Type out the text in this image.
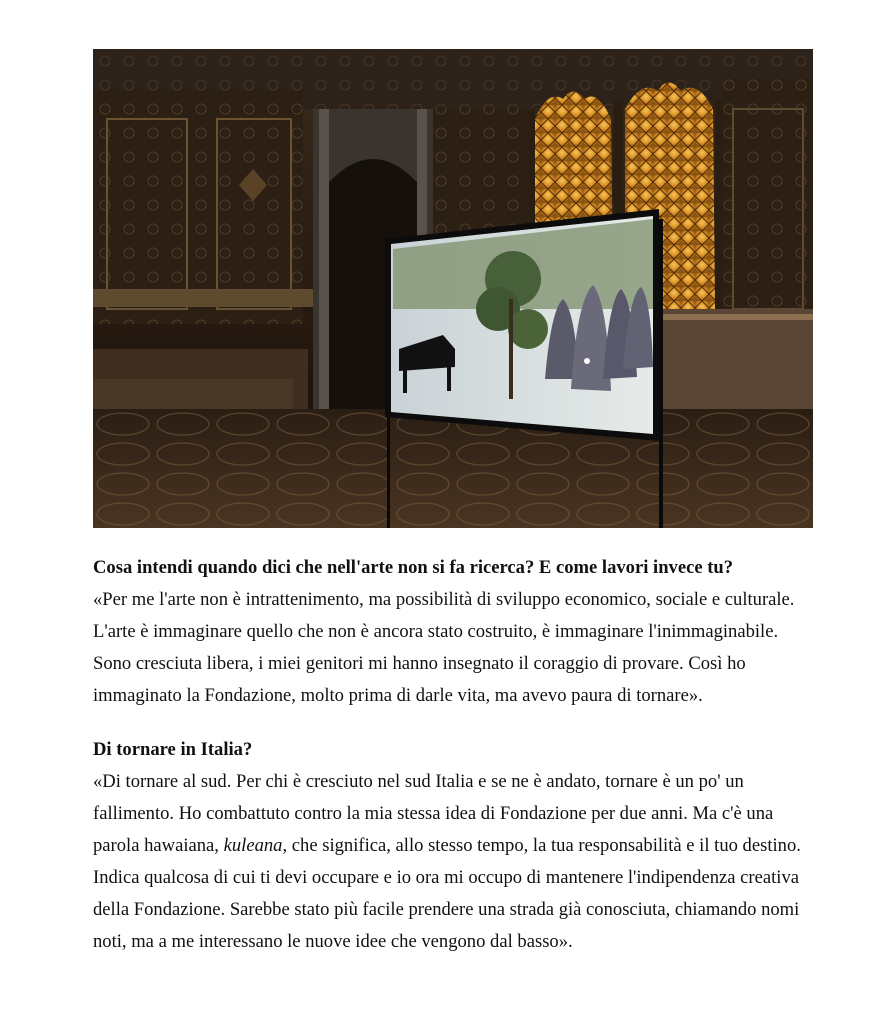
Cosa intendi quando dici che nell'arte non si fa ricerca? E come lavori invece tu?

«Per me l'arte non è intrattenimento, ma possibilità di sviluppo economico, sociale e culturale. L'arte è immaginare quello che non è ancora stato costruito, è immaginare l'inimmaginabile. Sono cresciuta libera, i miei genitori mi hanno insegnato il coraggio di provare. Così ho immaginato la Fondazione, molto prima di darle vita, ma avevo paura di tornare».

Di tornare in Italia?

«Di tornare al sud. Per chi è cresciuto nel sud Italia e se ne è andato, tornare è un po' un fallimento. Ho combattuto contro la mia stessa idea di Fondazione per due anni. Ma c'è una parola hawaiana, kuleana, che significa, allo stesso tempo, la tua responsabilità e il tuo destino. Indica qualcosa di cui ti devi occupare e io ora mi occupo di mantenere l'indipendenza creativa della Fondazione. Sarebbe stato più facile prendere una strada già conosciuta, chiamando nomi noti, ma a me interessano le nuove idee che vengono dal basso».
